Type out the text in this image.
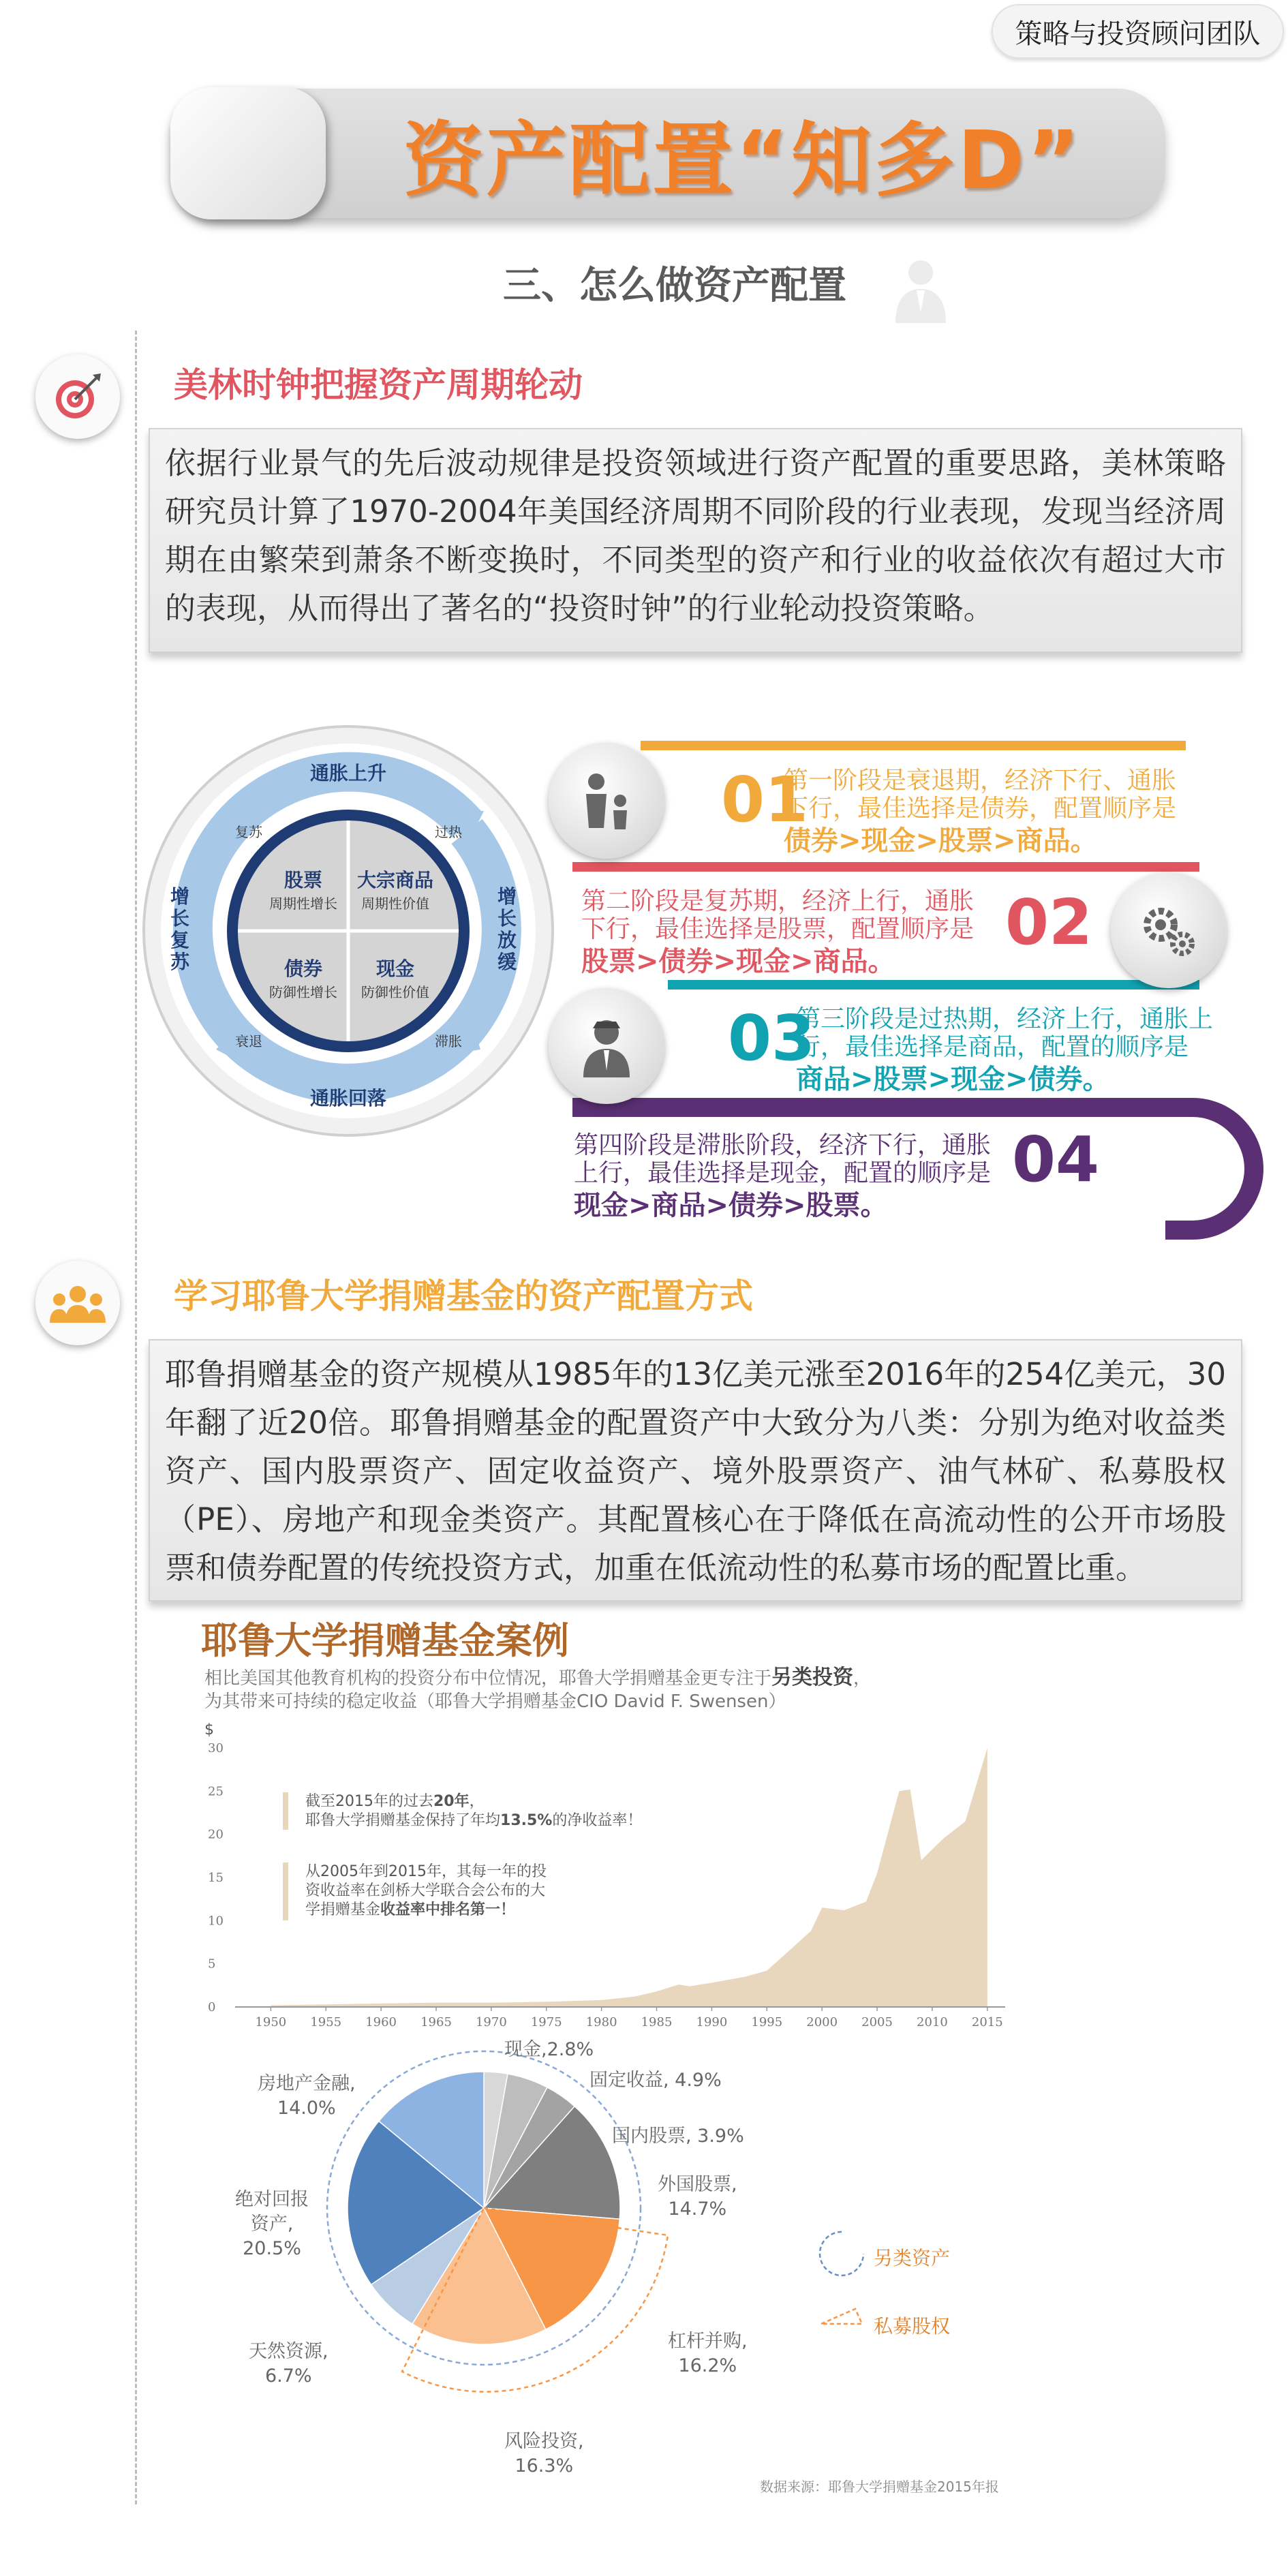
策略与投资顾问团队
资产配置“知多D”
三、怎么做资产配置
美林时钟把握资产周期轮动
依据行业景气的先后波动规律是投资领域进行资产配置的重要思路，美林策略研究员计算了1970-2004年美国经济周期不同阶段的行业表现，发现当经济周期在由繁荣到萧条不断变换时，不同类型的资产和行业的收益依次有超过大市的表现，从而得出了著名的“投资时钟”的行业轮动投资策略。
通胀上升
通胀回落
增长复苏
增长放缓
复苏	过热
衰退	滞胀
股票
周期性增长
大宗商品
周期性价值
债券
防御性增长
现金
防御性价值
01
第一阶段是衰退期，经济下行、通胀
下行，最佳选择是债券，配置顺序是
债券>现金>股票>商品。
第二阶段是复苏期，经济上行，通胀
下行，最佳选择是股票，配置顺序是
股票>债券>现金>商品。
02
03
第三阶段是过热期，经济上行，通胀上
行，最佳选择是商品，配置的顺序是
商品>股票>现金>债券。
第四阶段是滞胀阶段，经济下行，通胀
上行，最佳选择是现金，配置的顺序是
现金>商品>债券>股票。
04
学习耶鲁大学捐赠基金的资产配置方式
耶鲁捐赠基金的资产规模从1985年的13亿美元涨至2016年的254亿美元，30年翻了近20倍。耶鲁捐赠基金的配置资产中大致分为八类：分别为绝对收益类资产、国内股票资产、固定收益资产、境外股票资产、油气林矿、私募股权（PE）、房地产和现金类资产。其配置核心在于降低在高流动性的公开市场股票和债券配置的传统投资方式，加重在低流动性的私募市场的配置比重。
耶鲁大学捐赠基金案例
相比美国其他教育机构的投资分布中位情况，耶鲁大学捐赠基金更专注于另类投资，
为其带来可持续的稳定收益（耶鲁大学捐赠基金CIO David F. Swensen）
$
0
5
10
15
20
25
30
1950 1955 1960 1965 1970 1975 1980 1985 1990 1995 2000 2005 2010 2015
截至2015年的过去20年，
耶鲁大学捐赠基金保持了年均13.5%的净收益率！
从2005年到2015年，其每一年的投
资收益率在剑桥大学联合会公布的大
学捐赠基金收益率中排名第一！
现金,2.8%
固定收益, 4.9%
国内股票, 3.9%
外国股票,
14.7%
杠杆并购,
16.2%
风险投资,
16.3%
天然资源,
6.7%
绝对回报
资产,
20.5%
房地产金融,
14.0%
另类资产
私募股权
数据来源：耶鲁大学捐赠基金2015年报
